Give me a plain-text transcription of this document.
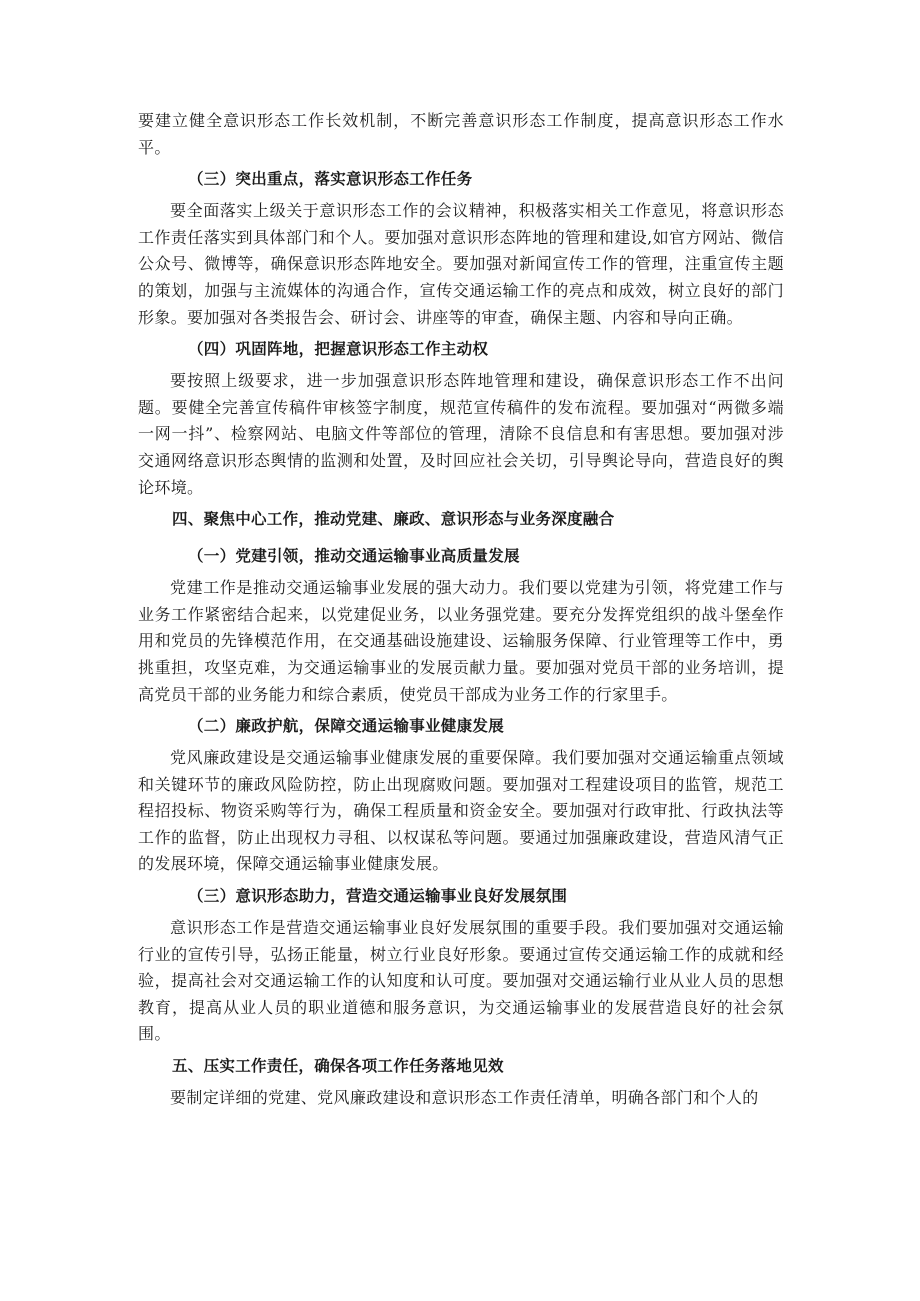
要建立健全意识形态工作长效机制，不断完善意识形态工作制度，提高意识形态工作水平。

（三）突出重点，落实意识形态工作任务

要全面落实上级关于意识形态工作的会议精神，积极落实相关工作意见，将意识形态工作责任落实到具体部门和个人。要加强对意识形态阵地的管理和建设,如官方网站、微信公众号、微博等，确保意识形态阵地安全。要加强对新闻宣传工作的管理，注重宣传主题的策划，加强与主流媒体的沟通合作，宣传交通运输工作的亮点和成效，树立良好的部门形象。要加强对各类报告会、研讨会、讲座等的审查，确保主题、内容和导向正确。

（四）巩固阵地，把握意识形态工作主动权

要按照上级要求，进一步加强意识形态阵地管理和建设，确保意识形态工作不出问题。要健全完善宣传稿件审核签字制度，规范宣传稿件的发布流程。要加强对“两微多端一网一抖”、检察网站、电脑文件等部位的管理，清除不良信息和有害思想。要加强对涉交通网络意识形态舆情的监测和处置，及时回应社会关切，引导舆论导向，营造良好的舆论环境。

四、聚焦中心工作，推动党建、廉政、意识形态与业务深度融合

（一）党建引领，推动交通运输事业高质量发展

党建工作是推动交通运输事业发展的强大动力。我们要以党建为引领，将党建工作与业务工作紧密结合起来，以党建促业务，以业务强党建。要充分发挥党组织的战斗堡垒作用和党员的先锋模范作用，在交通基础设施建设、运输服务保障、行业管理等工作中，勇挑重担，攻坚克难，为交通运输事业的发展贡献力量。要加强对党员干部的业务培训，提高党员干部的业务能力和综合素质，使党员干部成为业务工作的行家里手。

（二）廉政护航，保障交通运输事业健康发展

党风廉政建设是交通运输事业健康发展的重要保障。我们要加强对交通运输重点领域和关键环节的廉政风险防控，防止出现腐败问题。要加强对工程建设项目的监管，规范工程招投标、物资采购等行为，确保工程质量和资金安全。要加强对行政审批、行政执法等工作的监督，防止出现权力寻租、以权谋私等问题。要通过加强廉政建设，营造风清气正的发展环境，保障交通运输事业健康发展。

（三）意识形态助力，营造交通运输事业良好发展氛围

意识形态工作是营造交通运输事业良好发展氛围的重要手段。我们要加强对交通运输行业的宣传引导，弘扬正能量，树立行业良好形象。要通过宣传交通运输工作的成就和经验，提高社会对交通运输工作的认知度和认可度。要加强对交通运输行业从业人员的思想教育，提高从业人员的职业道德和服务意识，为交通运输事业的发展营造良好的社会氛围。

五、压实工作责任，确保各项工作任务落地见效

要制定详细的党建、党风廉政建设和意识形态工作责任清单，明确各部门和个人的
